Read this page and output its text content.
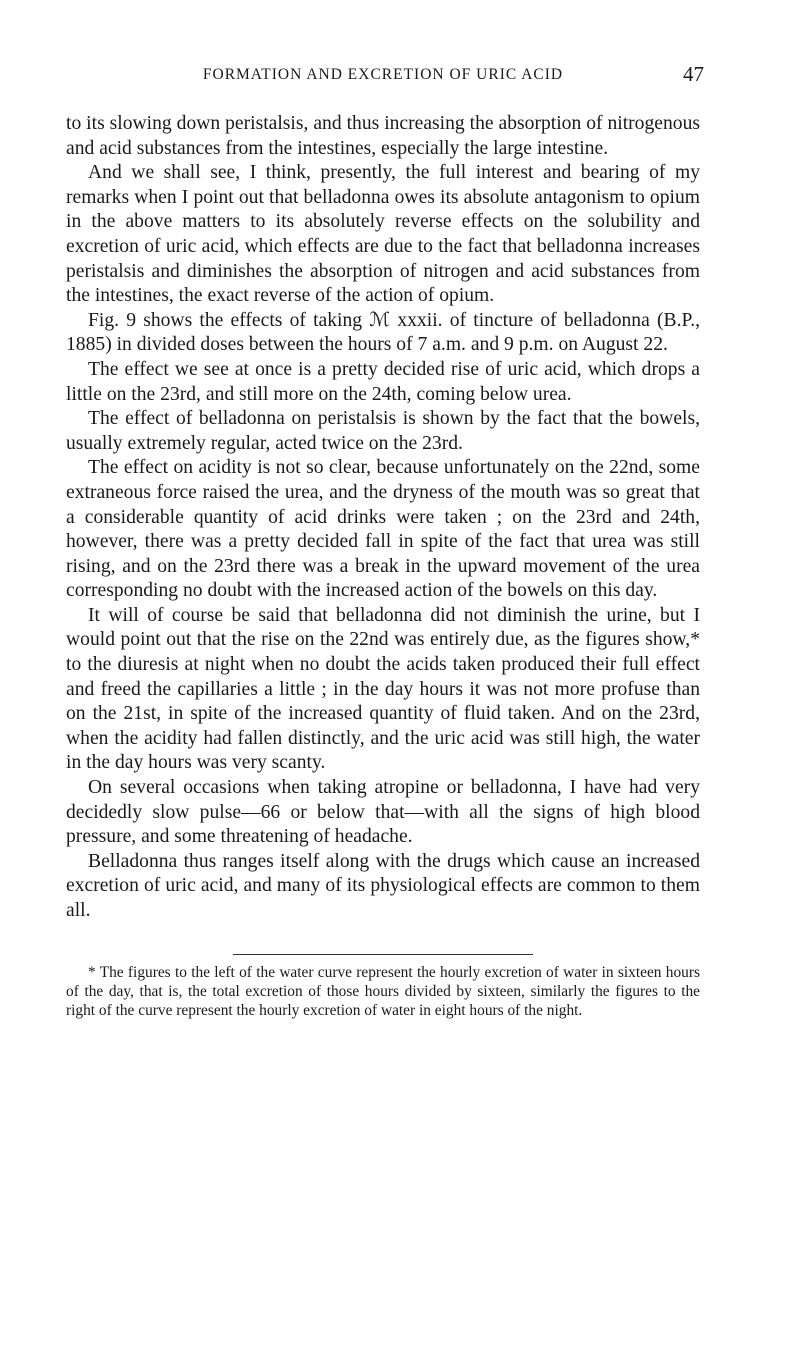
FORMATION AND EXCRETION OF URIC ACID	47

to its slowing down peristalsis, and thus increasing the absorption of nitrogenous and acid substances from the intestines, especially the large intestine.

And we shall see, I think, presently, the full interest and bearing of my remarks when I point out that belladonna owes its absolute antagonism to opium in the above matters to its absolutely reverse effects on the solubility and excretion of uric acid, which effects are due to the fact that belladonna increases peristalsis and diminishes the absorption of nitrogen and acid substances from the intestines, the exact reverse of the action of opium.

Fig. 9 shows the effects of taking ℳ xxxii. of tincture of belladonna (B.P., 1885) in divided doses between the hours of 7 a.m. and 9 p.m. on August 22.

The effect we see at once is a pretty decided rise of uric acid, which drops a little on the 23rd, and still more on the 24th, coming below urea.

The effect of belladonna on peristalsis is shown by the fact that the bowels, usually extremely regular, acted twice on the 23rd.

The effect on acidity is not so clear, because unfortunately on the 22nd, some extraneous force raised the urea, and the dryness of the mouth was so great that a considerable quantity of acid drinks were taken ; on the 23rd and 24th, however, there was a pretty decided fall in spite of the fact that urea was still rising, and on the 23rd there was a break in the upward movement of the urea corresponding no doubt with the increased action of the bowels on this day.

It will of course be said that belladonna did not diminish the urine, but I would point out that the rise on the 22nd was entirely due, as the figures show,* to the diuresis at night when no doubt the acids taken produced their full effect and freed the capillaries a little ; in the day hours it was not more profuse than on the 21st, in spite of the increased quantity of fluid taken. And on the 23rd, when the acidity had fallen distinctly, and the uric acid was still high, the water in the day hours was very scanty.

On several occasions when taking atropine or belladonna, I have had very decidedly slow pulse—66 or below that—with all the signs of high blood pressure, and some threatening of headache.

Belladonna thus ranges itself along with the drugs which cause an increased excretion of uric acid, and many of its physiological effects are common to them all.

* The figures to the left of the water curve represent the hourly excretion of water in sixteen hours of the day, that is, the total excretion of those hours divided by sixteen, similarly the figures to the right of the curve represent the hourly excretion of water in eight hours of the night.
